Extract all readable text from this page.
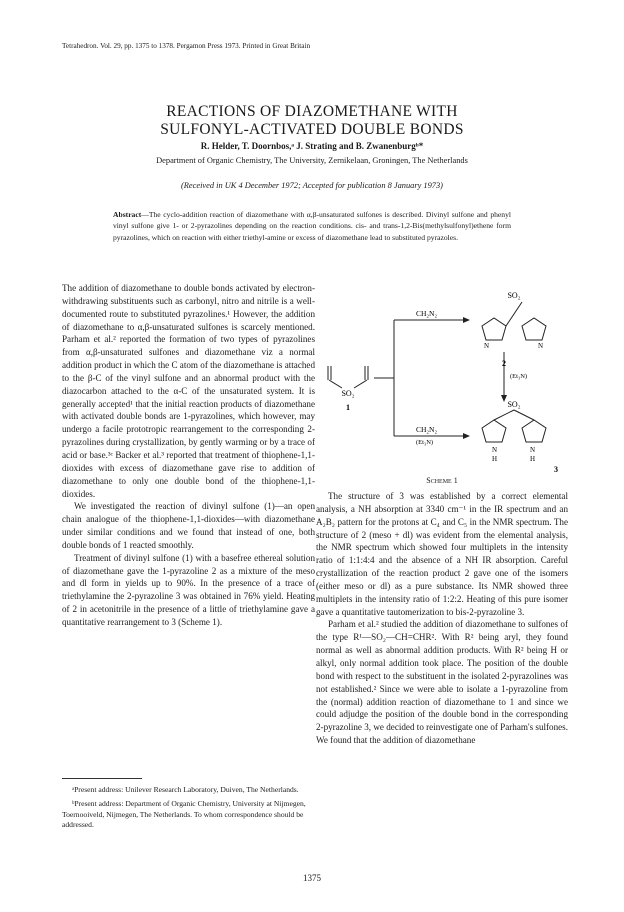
Tetrahedron. Vol. 29, pp. 1375 to 1378. Pergamon Press 1973. Printed in Great Britain
REACTIONS OF DIAZOMETHANE WITH
SULFONYL-ACTIVATED DOUBLE BONDS
R. Helder, T. Doornbos,ᵃ J. Strating and B. Zwanenburgᵇ*
Department of Organic Chemistry, The University, Zernikelaan, Groningen, The Netherlands
(Received in UK 4 December 1972; Accepted for publication 8 January 1973)
Abstract—The cyclo-addition reaction of diazomethane with α,β-unsaturated sulfones is described. Divinyl sulfone and phenyl vinyl sulfone give 1- or 2-pyrazolines depending on the reaction conditions. cis- and trans-1,2-Bis(methylsulfonyl)ethene form pyrazolines, which on reaction with either triethyl-amine or excess of diazomethane lead to substituted pyrazoles.

The addition of diazomethane to double bonds activated by electron-withdrawing substituents such as carbonyl, nitro and nitrile is a well-documented route to substituted pyrazolines.¹ However, the addition of diazomethane to α,β-unsaturated sulfones is scarcely mentioned. Parham et al.² reported the formation of two types of pyrazolines from α,β-unsaturated sulfones and diazomethane viz a normal addition product in which the C atom of the diazomethane is attached to the β-C of the vinyl sulfone and an abnormal product with the diazocarbon attached to the α-C of the unsaturated system. It is generally accepted¹ that the initial reaction products of diazomethane with activated double bonds are 1-pyrazolines, which however, may undergo a facile prototropic rearrangement to the corresponding 2-pyrazolines during crystallization, by gently warming or by a trace of acid or base.³ᶜ Backer et al.³ reported that treatment of thiophene-1,1-dioxides with excess of diazomethane gave rise to addition of diazomethane to only one double bond of the thiophene-1,1-dioxides.

We investigated the reaction of divinyl sulfone (1)—an open chain analogue of the thiophene-1,1-dioxides—with diazomethane under similar conditions and we found that instead of one, both double bonds of 1 reacted smoothly.

Treatment of divinyl sulfone (1) with a basefree ethereal solution of diazomethane gave the 1-pyrazoline 2 as a mixture of the meso and dl form in yields up to 90%. In the presence of a trace of triethylamine the 2-pyrazoline 3 was obtained in 76% yield. Heating of 2 in acetonitrile in the presence of a little of triethylamine gave a quantitative rearrangement to 3 (Scheme 1).

ᵃPresent address: Unilever Research Laboratory, Duiven, The Netherlands.

ᵇPresent address: Department of Organic Chemistry, University at Nijmegen, Toernooiveld, Nijmegen, The Netherlands. To whom correspondence should be addressed.

SO₂
1
CH₂N₂
CH₂N₂
(Et₃N)
(Et₃N)
SO₂
N	N
2
SO₂
N	N
H	H
3
Scheme 1

The structure of 3 was established by a correct elemental analysis, a NH absorption at 3340 cm⁻¹ in the IR spectrum and an A₂B₂ pattern for the protons at C₄ and C₅ in the NMR spectrum. The structure of 2 (meso + dl) was evident from the elemental analysis, the NMR spectrum which showed four multiplets in the intensity ratio of 1:1:4:4 and the absence of a NH IR absorption. Careful crystallization of the reaction product 2 gave one of the isomers (either meso or dl) as a pure substance. Its NMR showed three multiplets in the intensity ratio of 1:2:2. Heating of this pure isomer gave a quantitative tautomerization to bis-2-pyrazoline 3.

Parham et al.² studied the addition of diazomethane to sulfones of the type R¹—SO₂—CH=CHR². With R² being aryl, they found normal as well as abnormal addition products. With R² being H or alkyl, only normal addition took place. The position of the double bond with respect to the substituent in the isolated 2-pyrazolines was not established.² Since we were able to isolate a 1-pyrazoline from the (normal) addition reaction of diazomethane to 1 and since we could adjudge the position of the double bond in the corresponding 2-pyrazoline 3, we decided to reinvestigate one of Parham's sulfones. We found that the addition of diazomethane

1375
